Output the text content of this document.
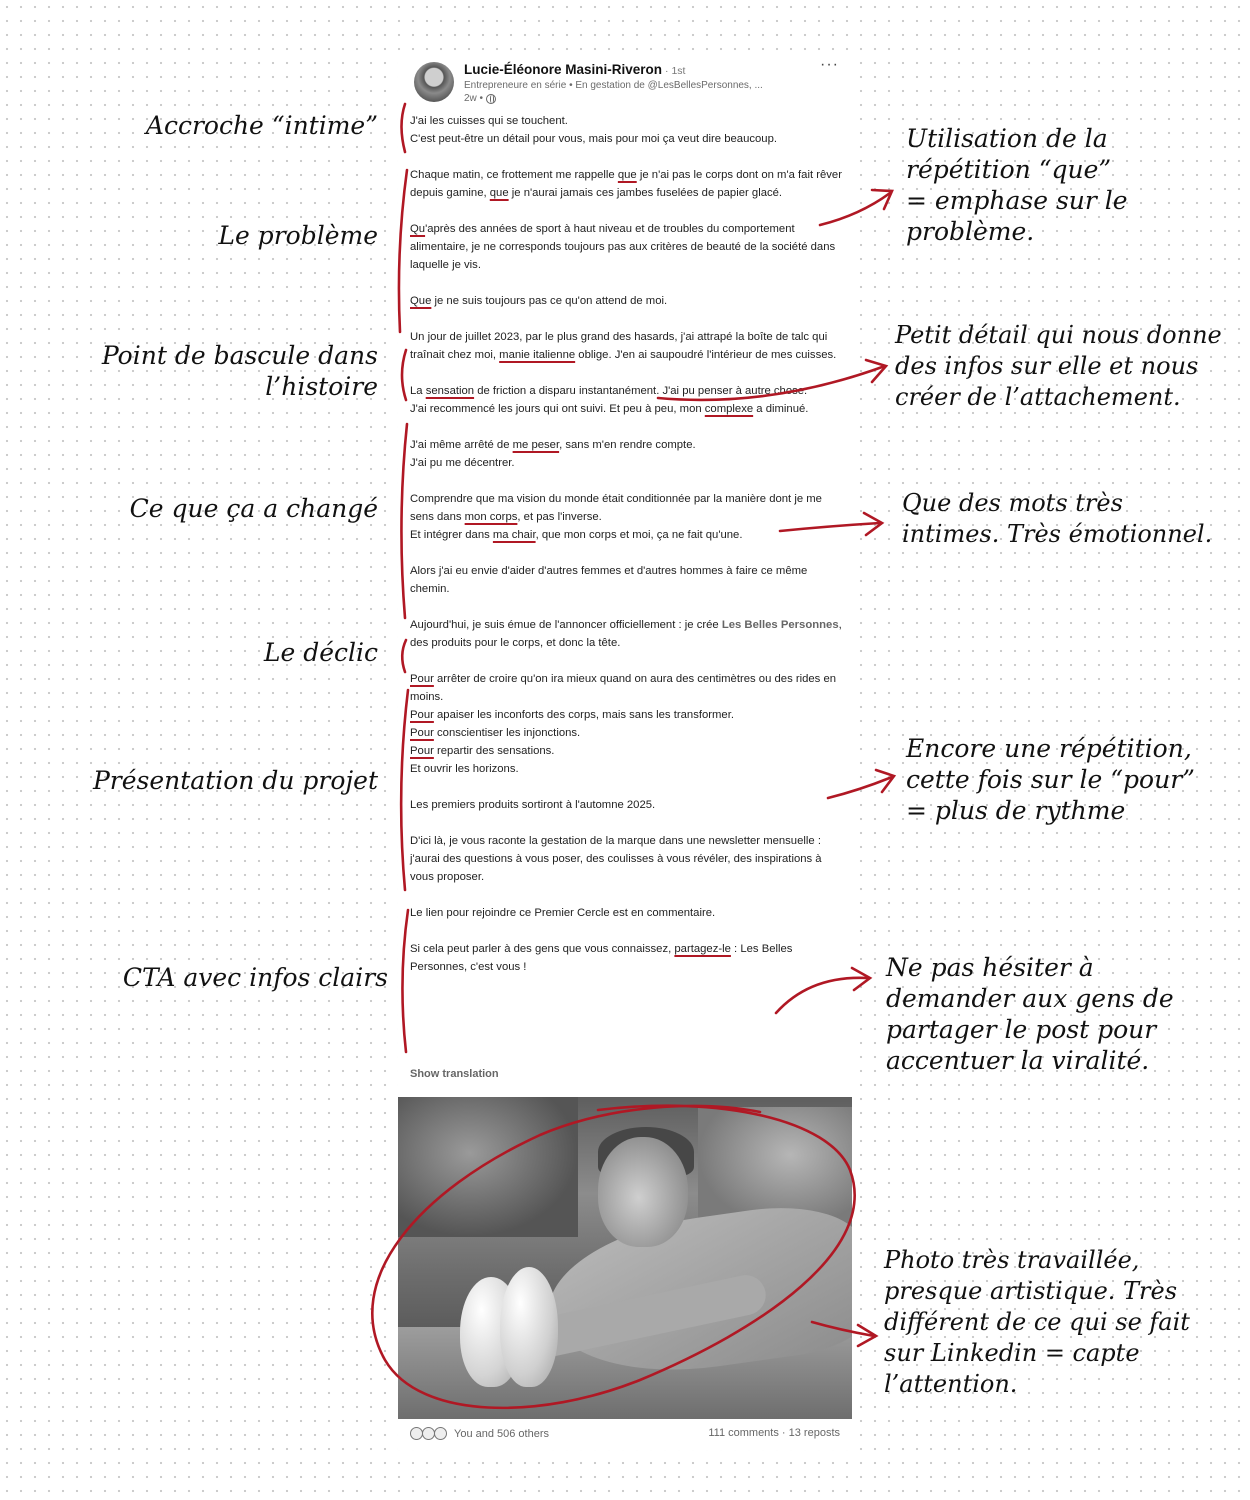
Lucie-Éléonore Masini-Riveron · 1st
Entrepreneure en série • En gestation de @LesBellesPersonnes, ...
2w •
···

J'ai les cuisses qui se touchent.

C'est peut-être un détail pour vous, mais pour moi ça veut dire beaucoup.

Chaque matin, ce frottement me rappelle que je n'ai pas le corps dont on m'a fait rêver depuis gamine, que je n'aurai jamais ces jambes fuselées de papier glacé.

Qu'après des années de sport à haut niveau et de troubles du comportement alimentaire, je ne corresponds toujours pas aux critères de beauté de la société dans laquelle je vis.

Que je ne suis toujours pas ce qu'on attend de moi.

Un jour de juillet 2023, par le plus grand des hasards, j'ai attrapé la boîte de talc qui traînait chez moi, manie italienne oblige. J'en ai saupoudré l'intérieur de mes cuisses.

La sensation de friction a disparu instantanément. J'ai pu penser à autre chose.

J'ai recommencé les jours qui ont suivi. Et peu à peu, mon complexe a diminué.

J'ai même arrêté de me peser, sans m'en rendre compte.

J'ai pu me décentrer.

Comprendre que ma vision du monde était conditionnée par la manière dont je me sens dans mon corps, et pas l'inverse.

Et intégrer dans ma chair, que mon corps et moi, ça ne fait qu'une.

Alors j'ai eu envie d'aider d'autres femmes et d'autres hommes à faire ce même chemin.

Aujourd'hui, je suis émue de l'annoncer officiellement : je crée Les Belles Personnes, des produits pour le corps, et donc la tête.

Pour arrêter de croire qu'on ira mieux quand on aura des centimètres ou des rides en moins.

Pour apaiser les inconforts des corps, mais sans les transformer.

Pour conscientiser les injonctions.

Pour repartir des sensations.

Et ouvrir les horizons.

Les premiers produits sortiront à l'automne 2025.

D'ici là, je vous raconte la gestation de la marque dans une newsletter mensuelle : j'aurai des questions à vous poser, des coulisses à vous révéler, des inspirations à vous proposer.

Le lien pour rejoindre ce Premier Cercle est en commentaire.

Si cela peut parler à des gens que vous connaissez, partagez-le : Les Belles Personnes, c'est vous !

Show translation
You and 506 others	111 comments · 13 reposts
Accroche “intime”
Le problème
Point de bascule dans
l’histoire
Ce que ça a changé
Le déclic
Présentation du projet
CTA avec infos clairs
Utilisation de la
répétition “que”
= emphase sur le
problème.
Petit détail qui nous donne
des infos sur elle et nous
créer de l’attachement.
Que des mots très
intimes. Très émotionnel.
Encore une répétition,
cette fois sur le “pour”
= plus de rythme
Ne pas hésiter à
demander aux gens de
partager le post pour
accentuer la viralité.
Photo très travaillée,
presque artistique. Très
différent de ce qui se fait
sur Linkedin = capte
l’attention.
